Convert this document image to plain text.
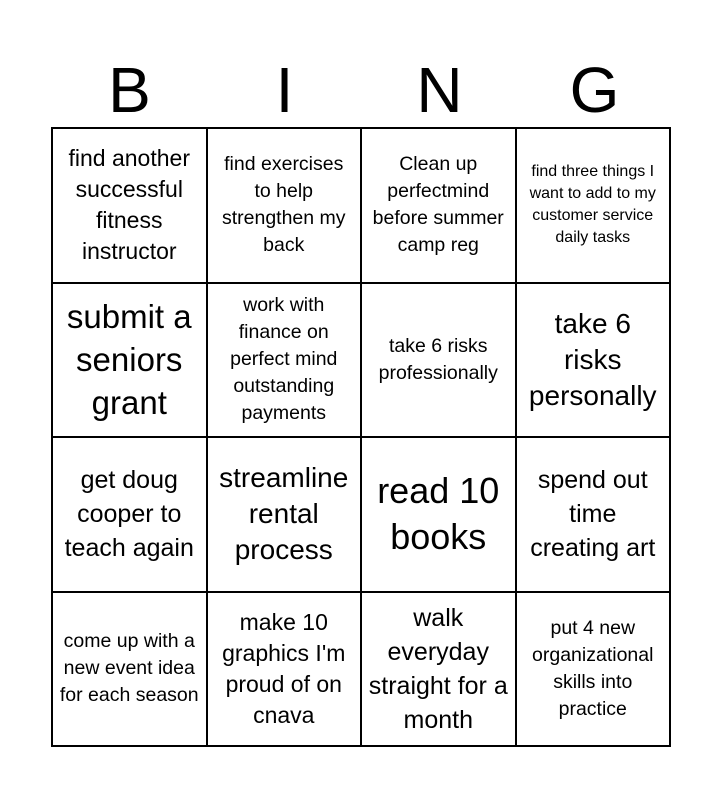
B	I	N	G
find another successful fitness instructor
find exercises to help strengthen my back
Clean up perfectmind before summer camp reg
find three things I want to add to my customer service daily tasks
submit a seniors grant
work with finance on perfect mind outstanding payments
take 6 risks professionally
take 6 risks personally
get doug cooper to teach again
streamline rental process
read 10 books
spend out time creating art
come up with a new event idea for each season
make 10 graphics I'm proud of on cnava
walk everyday straight for a month
put 4 new organizational skills into practice
